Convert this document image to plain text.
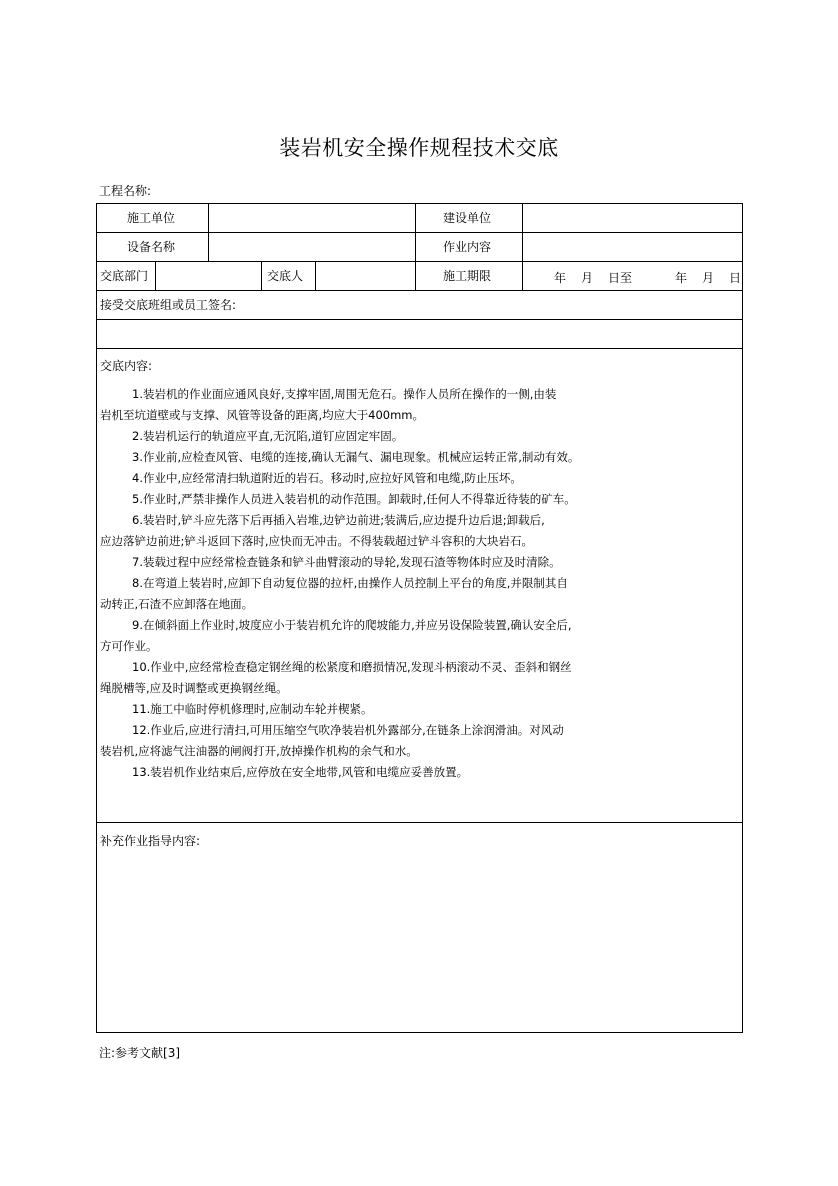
装岩机安全操作规程技术交底
工程名称:
施工单位	建设单位
设备名称	作业内容
交底部门	交底人	施工期限	年 月 日至	年 月 日
接受交底班组或员工签名:
交底内容:
1.装岩机的作业面应通风良好,支撑牢固,周围无危石。操作人员所在操作的一侧,由装
岩机至坑道壁或与支撑、风管等设备的距离,均应大于400mm。
2.装岩机运行的轨道应平直,无沉陷,道钉应固定牢固。
3.作业前,应检查风管、电缆的连接,确认无漏气、漏电现象。机械应运转正常,制动有效。
4.作业中,应经常清扫轨道附近的岩石。移动时,应拉好风管和电缆,防止压坏。
5.作业时,严禁非操作人员进入装岩机的动作范围。卸载时,任何人不得靠近待装的矿车。
6.装岩时,铲斗应先落下后再插入岩堆,边铲边前进;装满后,应边提升边后退;卸载后,
应边落铲边前进;铲斗返回下落时,应快而无冲击。不得装载超过铲斗容积的大块岩石。
7.装载过程中应经常检查链条和铲斗曲臂滚动的导轮,发现石渣等物体时应及时清除。
8.在弯道上装岩时,应卸下自动复位器的拉杆,由操作人员控制上平台的角度,并限制其自
动转正,石渣不应卸落在地面。
9.在倾斜面上作业时,坡度应小于装岩机允许的爬坡能力,并应另设保险装置,确认安全后,
方可作业。
10.作业中,应经常检查稳定钢丝绳的松紧度和磨损情况,发现斗柄滚动不灵、歪斜和钢丝
绳脱槽等,应及时调整或更换钢丝绳。
11.施工中临时停机修理时,应制动车轮并楔紧。
12.作业后,应进行清扫,可用压缩空气吹净装岩机外露部分,在链条上涂润滑油。对风动
装岩机,应将滤气注油器的闸阀打开,放掉操作机构的余气和水。
13.装岩机作业结束后,应停放在安全地带,风管和电缆应妥善放置。
补充作业指导内容:
注:参考文献[3]
